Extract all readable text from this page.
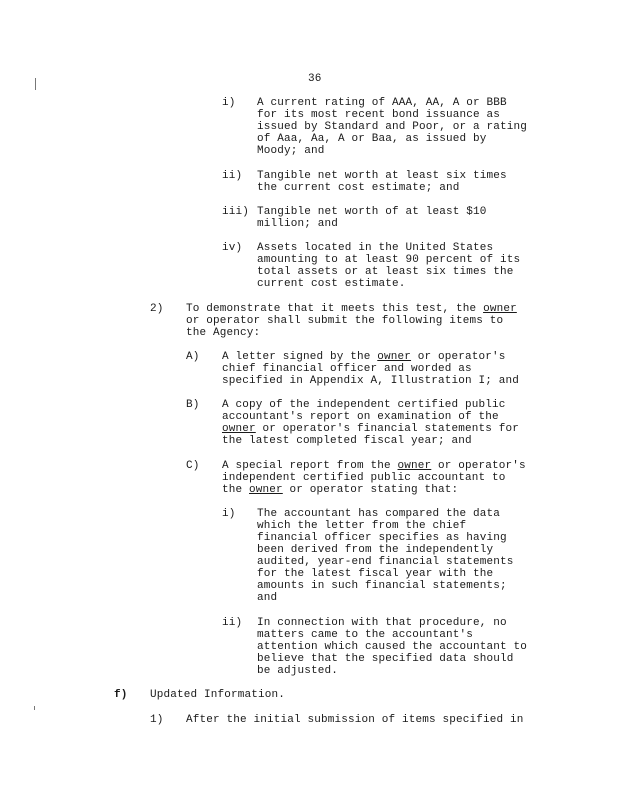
36
i) A current rating of AAA, AA, A or BBB
for its most recent bond issuance as
issued by Standard and Poor, or a rating
of Aaa, Aa, A or Baa, as issued by
Moody; and
ii) Tangible net worth at least six times
the current cost estimate; and
iii) Tangible net worth of at least $10
million; and
iv) Assets located in the United States
amounting to at least 90 percent of its
total assets or at least six times the
current cost estimate.
2) To demonstrate that it meets this test, the owner
or operator shall submit the following items to
the Agency:
A) A letter signed by the owner or operator's
chief financial officer and worded as
specified in Appendix A, Illustration I; and
B) A copy of the independent certified public
accountant's report on examination of the
owner or operator's financial statements for
the latest completed fiscal year; and
C) A special report from the owner or operator's
independent certified public accountant to
the owner or operator stating that:
i) The accountant has compared the data
which the letter from the chief
financial officer specifies as having
been derived from the independently
audited, year-end financial statements
for the latest fiscal year with the
amounts in such financial statements;
and
ii) In connection with that procedure, no
matters came to the accountant's
attention which caused the accountant to
believe that the specified data should
be adjusted.
f) Updated Information.
1) After the initial submission of items specified in
